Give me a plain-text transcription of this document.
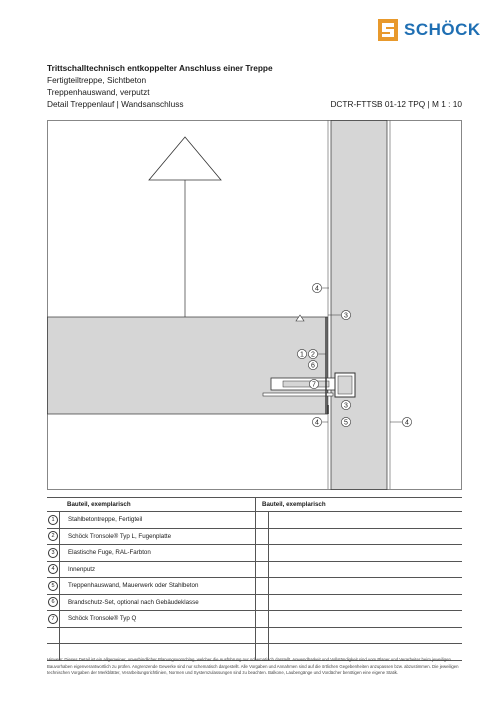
SCHÖCK
Trittschalltechnisch entkoppelter Anschluss einer Treppe
Fertigteiltreppe, Sichtbeton
Treppenhauswand, verputzt
Detail Treppenlauf | Wandsanschluss	DCTR-FTTSB 01-12 TPQ | M 1 : 10
4
3
1 2
6
7
3
4	5	4
Bauteil, exemplarisch	Bauteil, exemplarisch
1	Stahlbetontreppe, Fertigteil
2	Schöck Tronsole® Typ L, Fugenplatte
3	Elastische Fuge, RAL-Farbton
4	Innenputz
5	Treppenhauswand, Mauerwerk oder Stahlbeton
6	Brandschutz-Set, optional nach Gebäudeklasse
7	Schöck Tronsole® Typ Q
Hinweis: Dieses Detail ist ein allgemeiner, unverbindlicher Planungsvorschlag, welcher die Ausführung nur schematisch darstellt. Anwendbarkeit und Vollständigkeit sind vom Planer und Verarbeiter beim jeweiligen Bauvorhaben eigenverantwortlich zu prüfen. Angrenzende Gewerke sind nur schematisch dargestellt. Alle Vorgaben und Annahmen sind auf die örtlichen Gegebenheiten anzupassen bzw. abzustimmen. Die jeweiligen technischen Vorgaben der Merkblätter, Verarbeitungsrichtlinien, Normen und Systemzulassungen sind zu beachten. Balkone, Laubengänge und Vordächer benötigen eine eigene Statik.
